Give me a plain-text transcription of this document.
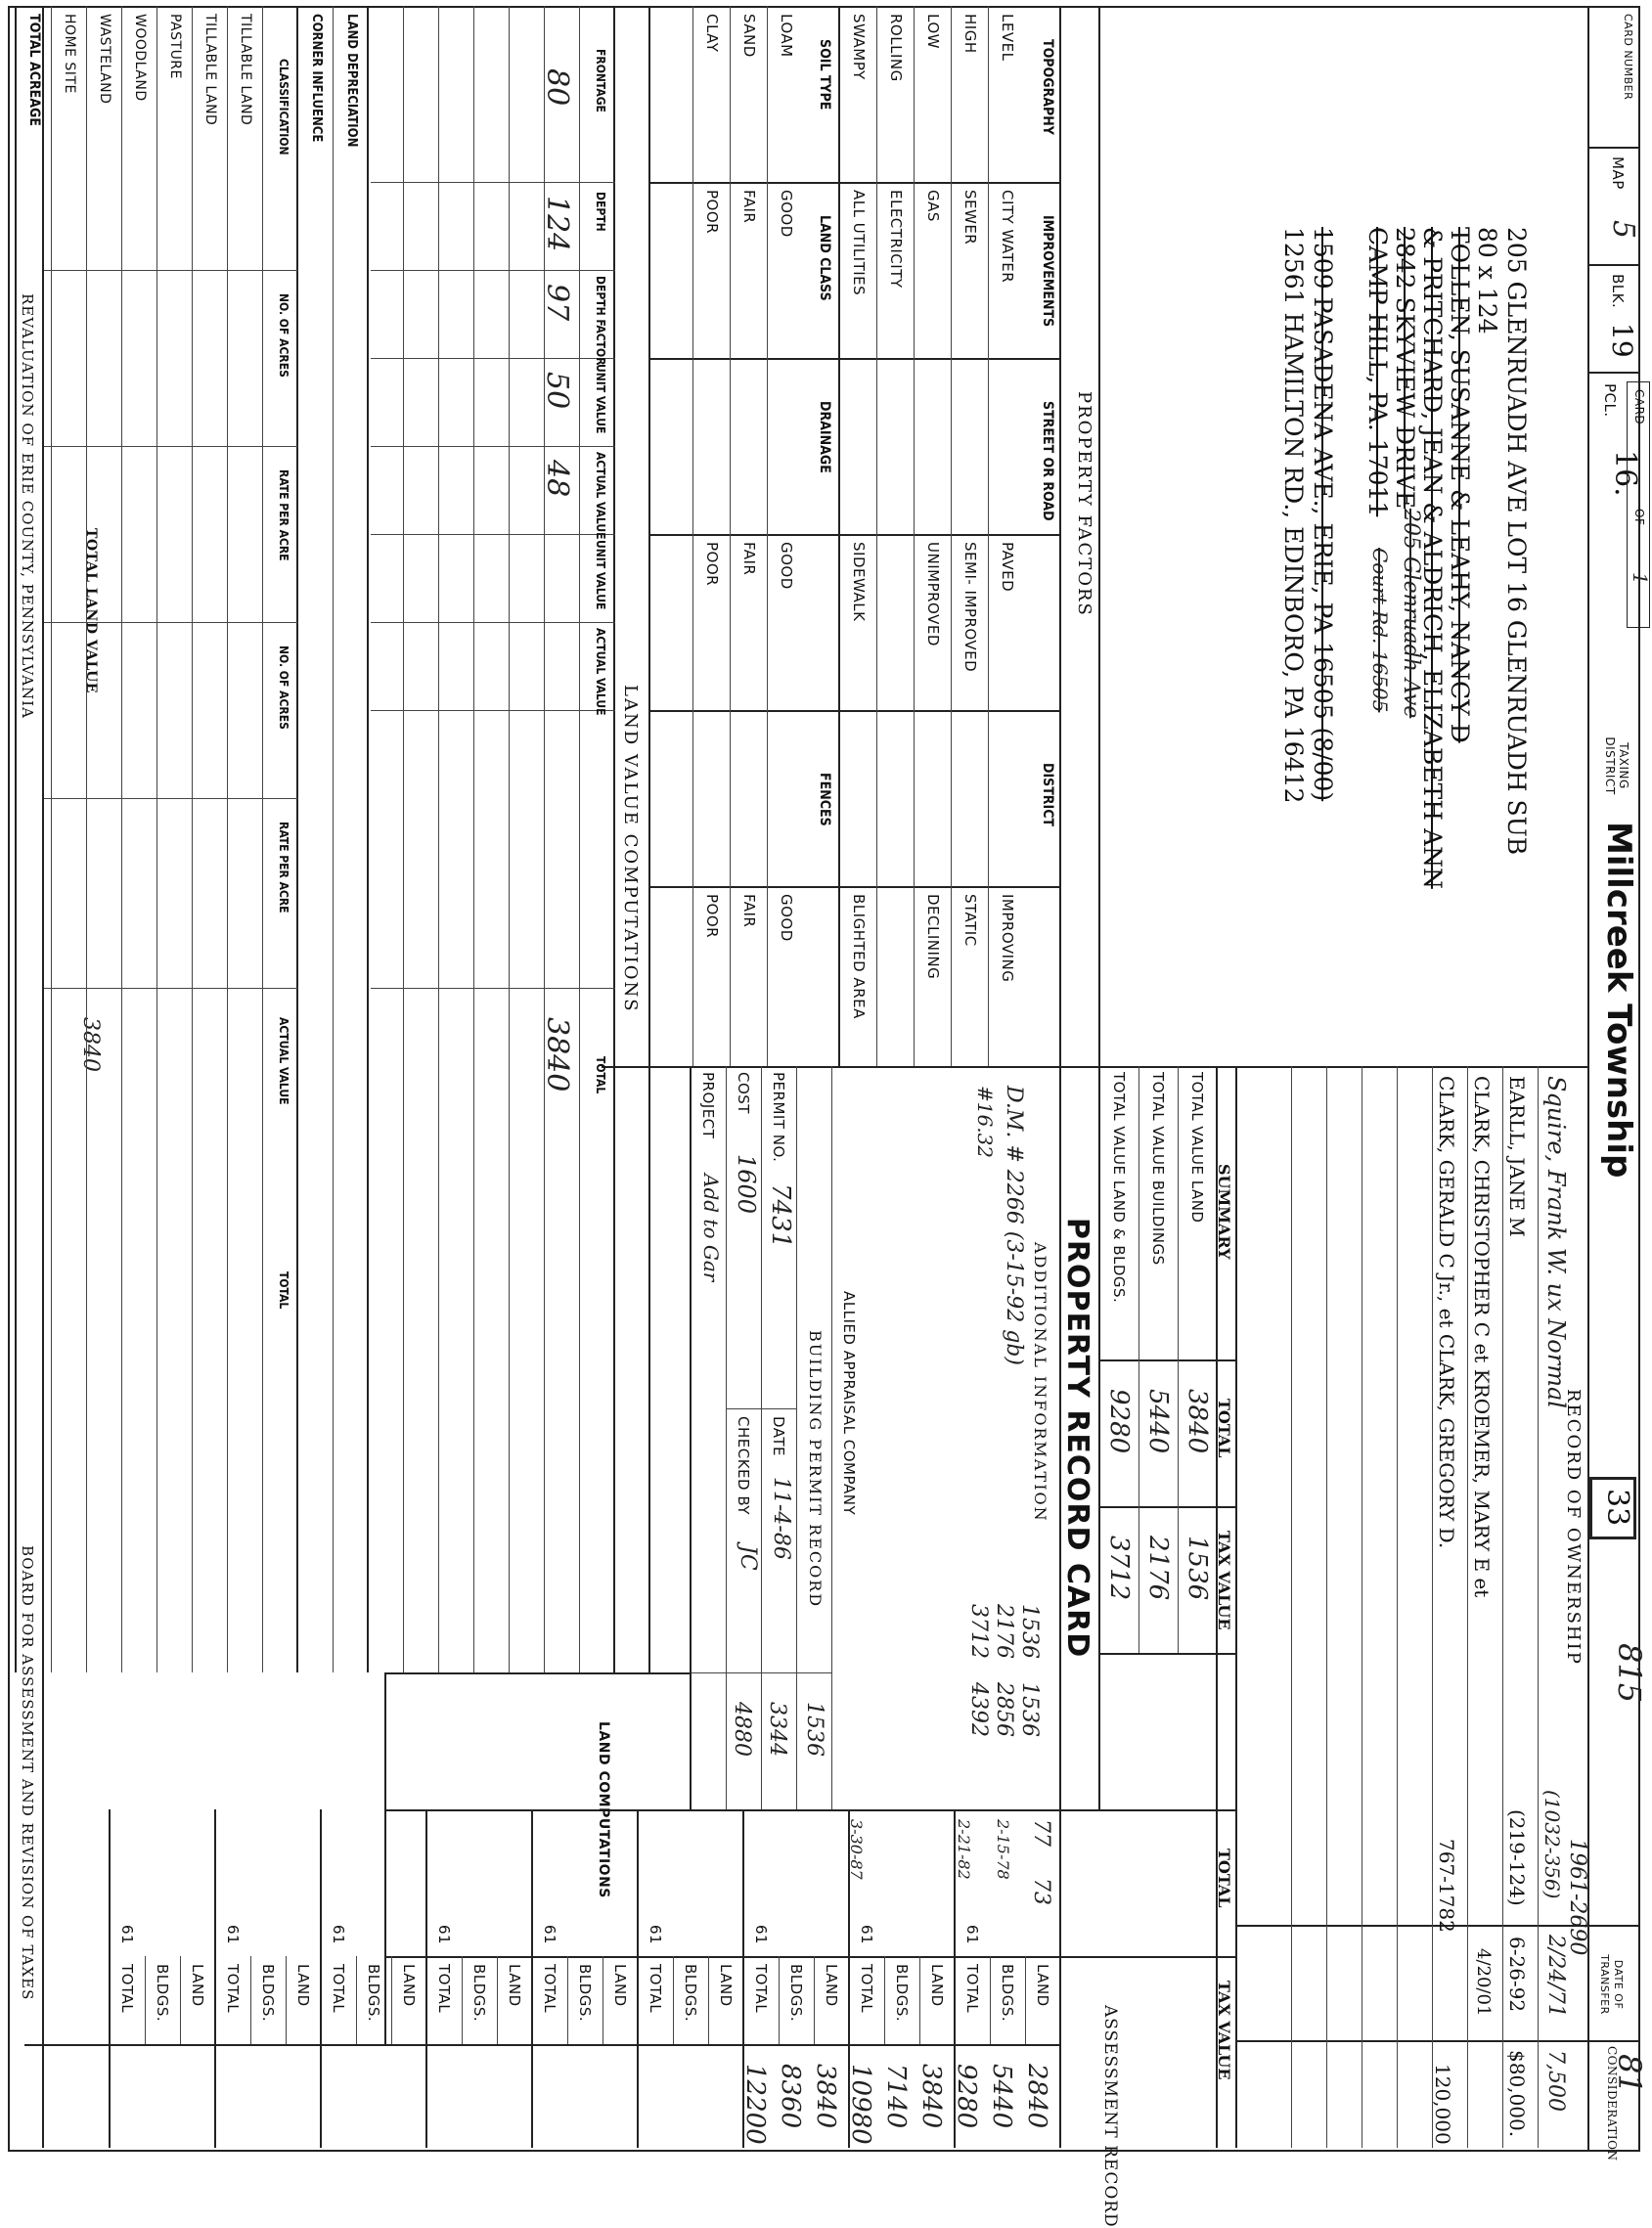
CARD NUMBER
MAP
5
BLK.
19
PCL.
16.
CARD
OF
1
TAXING DISTRICT
Millcreek Township
33
815
81
205 GLENRUADH AVE LOT 16 GLENRUADH SUB
80 x 124
TOLLEN, SUSANNE & LEAHY, NANCY D
& PRITCHARD, JEAN & ALDRICH, ELIZABETH ANN
2842 SKYVIEW DRIVE
205 Glenruadh Ave
CAMP HILL, PA. 17011
Court Rd. 16505
1509 PASADENA AVE., ERIE, PA 16505 (8/00)
12561 HAMILTON RD., EDINBORO, PA 16412
RECORD OF OWNERSHIP
1961-2690
DATE OF TRANSFER
CONSIDERATION
Squire, Frank W. ux Normal
(1032-356)
2/24/71
7,500
EARLL, JANE M
(219-124)
6-26-92
$80,000.
CLARK, CHRISTOPHER C et KROEMER, MARY E et
4/20/01
120,000
CLARK, GERALD C Jr., et CLARK, GREGORY D.
767-1782
SUMMARY
TOTAL
TAX VALUE
TOTAL
TAX VALUE
TOTAL VALUE LAND
3840
1536
TOTAL VALUE BUILDINGS
5440
2176
TOTAL VALUE LAND & BLDGS.
9280
3712
ASSESSMENT RECORD
2840
5440
9280
3840
7140
10980
3840
8360
12200
77
73
2-15-78
2-21-82
3-30-87
PROPERTY RECORD CARD
ADDITIONAL INFORMATION
D.M. # 2266 (3-15-92 gb)
#16.32
1536
2176
3712
1536
2856
4392
ALLIED APPRAISAL COMPANY
BUILDING PERMIT RECORD
PERMIT NO.
7431
DATE
11-4-86
COST
1600
CHECKED BY
JC
PROJECT
Add to Gar
1536
3344
4880
LAND COMPUTATIONS
PROPERTY FACTORS
LAND VALUE COMPUTATIONS
3840
TOTAL LAND VALUE
3840
REVALUATION OF ERIE COUNTY, PENNSYLVANIA
BOARD FOR ASSESSMENT AND REVISION OF TAXES	LAND
BLDGS.
TOTAL
61
LAND
BLDGS.
TOTAL
61
LAND
BLDGS.
TOTAL
61
LAND
BLDGS.
TOTAL
61
LAND
BLDGS.
TOTAL
61
LAND
BLDGS.
TOTAL
61
LAND
BLDGS.
TOTAL
61
LAND
BLDGS.
TOTAL
61
LAND
BLDGS.
TOTAL
61
TOPOGRAPHY
IMPROVEMENTS
STREET OR ROAD
DISTRICT
LEVEL
CITY WATER
PAVED
IMPROVING
HIGH
SEWER
SEMI- IMPROVED
STATIC
LOW
GAS
UNIMPROVED
DECLINING
ROLLING
ELECTRICITY
SWAMPY
ALL UTILITIES
SIDEWALK
BLIGHTED AREA
SOIL TYPE
LAND CLASS
DRAINAGE
FENCES
LOAM
GOOD
GOOD
GOOD
SAND
FAIR
FAIR
FAIR
CLAY
POOR
POOR
POOR
FRONTAGE
DEPTH
DEPTH FACTOR
UNIT VALUE
ACTUAL VALUE
UNIT VALUE
ACTUAL VALUE
TOTAL
80
124
97
50
48
LAND DEPRECIATION
CORNER INFLUENCE
CLASSIFICATION
NO. OF ACRES
RATE PER ACRE
NO. OF ACRES
RATE PER ACRE
ACTUAL VALUE
TOTAL
TILLABLE LAND
TILLABLE LAND
PASTURE
WOODLAND
WASTELAND
HOME SITE
TOTAL ACREAGE
